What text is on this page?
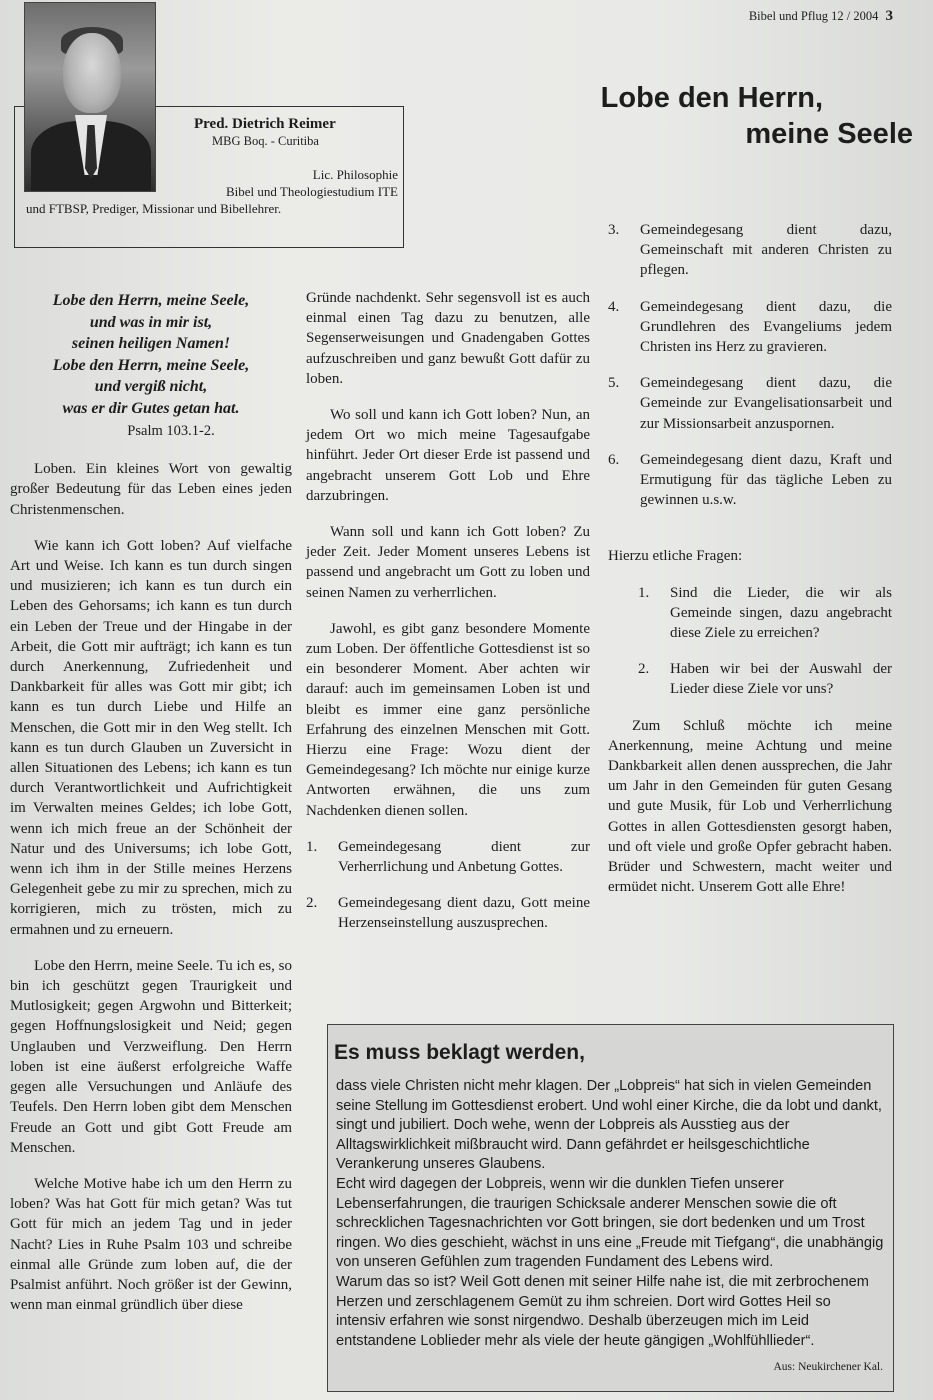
Bibel und Pflug 12 / 2004 3
Pred. Dietrich Reimer
MBG Boq. - Curitiba
Lic. Philosophie
Bibel und Theologiestudium ITE
und FTBSP, Prediger, Missionar und Bibellehrer.
Lobe den Herrn,
meine Seele
Lobe den Herrn, meine Seele,
und was in mir ist,
seinen heiligen Namen!
Lobe den Herrn, meine Seele,
und vergiß nicht,
was er dir Gutes getan hat.
Psalm 103.1-2.

Loben. Ein kleines Wort von gewaltig großer Bedeutung für das Leben eines jeden Christenmenschen.

Wie kann ich Gott loben? Auf vielfache Art und Weise. Ich kann es tun durch singen und musizieren; ich kann es tun durch ein Leben des Gehorsams; ich kann es tun durch ein Leben der Treue und der Hingabe in der Arbeit, die Gott mir aufträgt; ich kann es tun durch Anerkennung, Zufriedenheit und Dankbarkeit für alles was Gott mir gibt; ich kann es tun durch Liebe und Hilfe an Menschen, die Gott mir in den Weg stellt. Ich kann es tun durch Glauben un Zuversicht in allen Situationen des Lebens; ich kann es tun durch Verantwortlichkeit und Aufrichtigkeit im Verwalten meines Geldes; ich lobe Gott, wenn ich mich freue an der Schönheit der Natur und des Universums; ich lobe Gott, wenn ich ihm in der Stille meines Herzens Gelegenheit gebe zu mir zu sprechen, mich zu korrigieren, mich zu trösten, mich zu ermahnen und zu erneuern.

Lobe den Herrn, meine Seele. Tu ich es, so bin ich geschützt gegen Traurigkeit und Mutlosigkeit; gegen Argwohn und Bitterkeit; gegen Hoffnungslosigkeit und Neid; gegen Unglauben und Verzweiflung. Den Herrn loben ist eine äußerst erfolgreiche Waffe gegen alle Versuchungen und Anläufe des Teufels. Den Herrn loben gibt dem Menschen Freude an Gott und gibt Gott Freude am Menschen.

Welche Motive habe ich um den Herrn zu loben? Was hat Gott für mich getan? Was tut Gott für mich an jedem Tag und in jeder Nacht? Lies in Ruhe Psalm 103 und schreibe einmal alle Gründe zum loben auf, die der Psalmist anführt. Noch größer ist der Gewinn, wenn man einmal gründlich über diese

Gründe nachdenkt. Sehr segensvoll ist es auch einmal einen Tag dazu zu benutzen, alle Segenserweisungen und Gnadengaben Gottes aufzuschreiben und ganz bewußt Gott dafür zu loben.

Wo soll und kann ich Gott loben? Nun, an jedem Ort wo mich meine Tagesaufgabe hinführt. Jeder Ort dieser Erde ist passend und angebracht unserem Gott Lob und Ehre darzubringen.

Wann soll und kann ich Gott loben? Zu jeder Zeit. Jeder Moment unseres Lebens ist passend und angebracht um Gott zu loben und seinen Namen zu verherrlichen.

Jawohl, es gibt ganz besondere Momente zum Loben. Der öffentliche Gottesdienst ist so ein besonderer Moment. Aber achten wir darauf: auch im gemeinsamen Loben ist und bleibt es immer eine ganz persönliche Erfahrung des einzelnen Menschen mit Gott. Hierzu eine Frage: Wozu dient der Gemeindegesang? Ich möchte nur einige kurze Antworten erwähnen, die uns zum Nachdenken dienen sollen.

1.	Gemeindegesang dient zur Verherrlichung und Anbetung Gottes.
2.	Gemeindegesang dient dazu, Gott meine Herzenseinstellung auszusprechen.
3.	Gemeindegesang dient dazu, Gemeinschaft mit anderen Christen zu pflegen.
4.	Gemeindegesang dient dazu, die Grundlehren des Evangeliums jedem Christen ins Herz zu gravieren.
5.	Gemeindegesang dient dazu, die Gemeinde zur Evangelisationsarbeit und zur Missionsarbeit anzuspornen.
6.	Gemeindegesang dient dazu, Kraft und Ermutigung für das tägliche Leben zu gewinnen u.s.w.

Hierzu etliche Fragen:

1.	Sind die Lieder, die wir als Gemeinde singen, dazu angebracht diese Ziele zu erreichen?
2.	Haben wir bei der Auswahl der Lieder diese Ziele vor uns?

Zum Schluß möchte ich meine Anerkennung, meine Achtung und meine Dankbarkeit allen denen aussprechen, die Jahr um Jahr in den Gemeinden für guten Gesang und gute Musik, für Lob und Verherrlichung Gottes in allen Gottesdiensten gesorgt haben, und oft viele und große Opfer gebracht haben. Brüder und Schwestern, macht weiter und ermüdet nicht. Unserem Gott alle Ehre!

Es muss beklagt werden,

dass viele Christen nicht mehr klagen. Der „Lobpreis“ hat sich in vielen Gemeinden seine Stellung im Gottesdienst erobert. Und wohl einer Kirche, die da lobt und dankt, singt und jubiliert. Doch wehe, wenn der Lobpreis als Ausstieg aus der Alltagswirklichkeit mißbraucht wird. Dann gefährdet er heilsgeschichtliche Verankerung unseres Glaubens.

Echt wird dagegen der Lobpreis, wenn wir die dunklen Tiefen unserer Lebenserfahrungen, die traurigen Schicksale anderer Menschen sowie die oft schrecklichen Tagesnachrichten vor Gott bringen, sie dort bedenken und um Trost ringen. Wo dies geschieht, wächst in uns eine „Freude mit Tiefgang“, die unabhängig von unseren Gefühlen zum tragenden Fundament des Lebens wird.

Warum das so ist? Weil Gott denen mit seiner Hilfe nahe ist, die mit zerbrochenem Herzen und zerschlagenem Gemüt zu ihm schreien. Dort wird Gottes Heil so intensiv erfahren wie sonst nirgendwo. Deshalb überzeugen mich im Leid entstandene Loblieder mehr als viele der heute gängigen „Wohlfühllieder“.

Aus: Neukirchener Kal.
